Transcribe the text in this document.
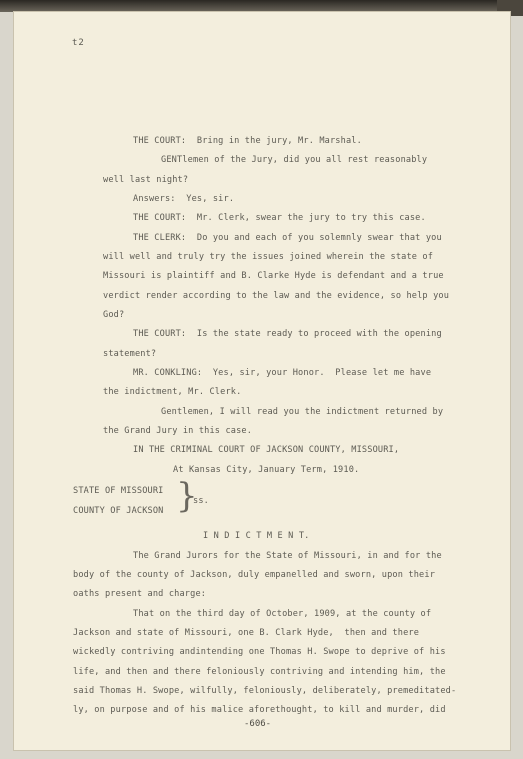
t2
THE COURT:  Bring in the jury, Mr. Marshal.
GENTlemen of the Jury, did you all rest reasonably
well last night?
Answers:  Yes, sir.
THE COURT:  Mr. Clerk, swear the jury to try this case.
THE CLERK:  Do you and each of you solemnly swear that you
will well and truly try the issues joined wherein the state of
Missouri is plaintiff and B. Clarke Hyde is defendant and a true
verdict render according to the law and the evidence, so help you
God?
THE COURT:  Is the state ready to proceed with the opening
statement?
MR. CONKLING:  Yes, sir, your Honor.  Please let me have
the indictment, Mr. Clerk.
Gentlemen, I will read you the indictment returned by
the Grand Jury in this case.
IN THE CRIMINAL COURT OF JACKSON COUNTY, MISSOURI,
At Kansas City, January Term, 1910.
STATE OF MISSOURI
ss.
COUNTY OF JACKSON
I N D I C T M E N T.
The Grand Jurors for the State of Missouri, in and for the
body of the county of Jackson, duly empanelled and sworn, upon their
oaths present and charge:
That on the third day of October, 1909, at the county of
Jackson and state of Missouri, one B. Clark Hyde,  then and there
wickedly contriving andintending one Thomas H. Swope to deprive of his
life, and then and there feloniously contriving and intending him, the
said Thomas H. Swope, wilfully, feloniously, deliberately, premeditated-
ly, on purpose and of his malice aforethought, to kill and murder, did
}
-606-
